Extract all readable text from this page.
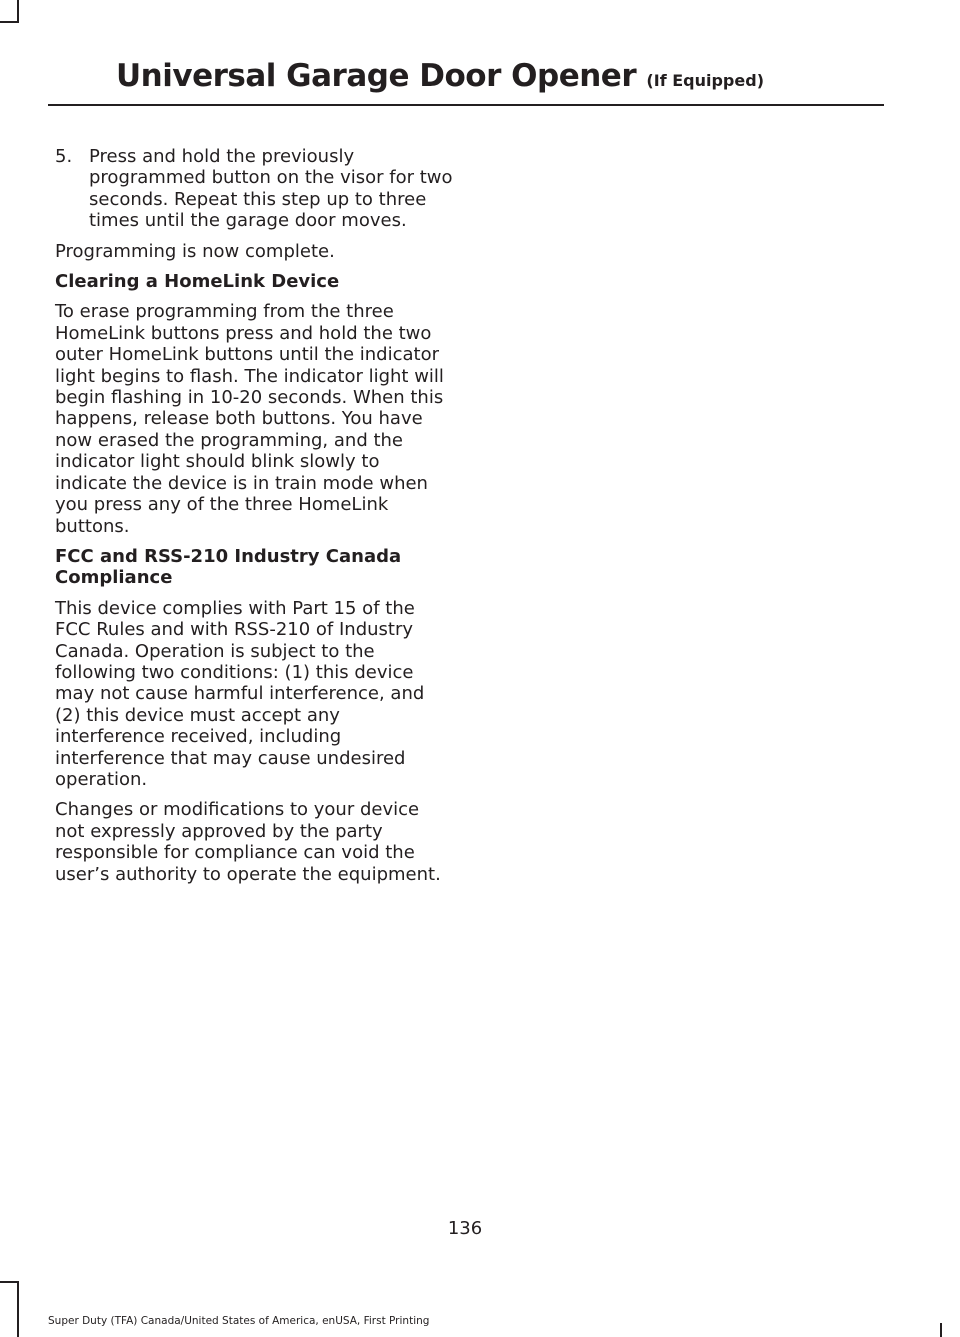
Universal Garage Door Opener (If Equipped)
5. Press and hold the previously programmed button on the visor for two seconds. Repeat this step up to three times until the garage door moves.

Programming is now complete.

Clearing a HomeLink Device

To erase programming from the three HomeLink buttons press and hold the two outer HomeLink buttons until the indicator light begins to flash. The indicator light will begin flashing in 10-20 seconds. When this happens, release both buttons. You have now erased the programming, and the indicator light should blink slowly to indicate the device is in train mode when you press any of the three HomeLink buttons.

FCC and RSS-210 Industry Canada Compliance

This device complies with Part 15 of the FCC Rules and with RSS-210 of Industry Canada. Operation is subject to the following two conditions: (1) this device may not cause harmful interference, and (2) this device must accept any interference received, including interference that may cause undesired operation.

Changes or modifications to your device not expressly approved by the party responsible for compliance can void the user’s authority to operate the equipment.

136
Super Duty (TFA) Canada/United States of America, enUSA, First Printing
